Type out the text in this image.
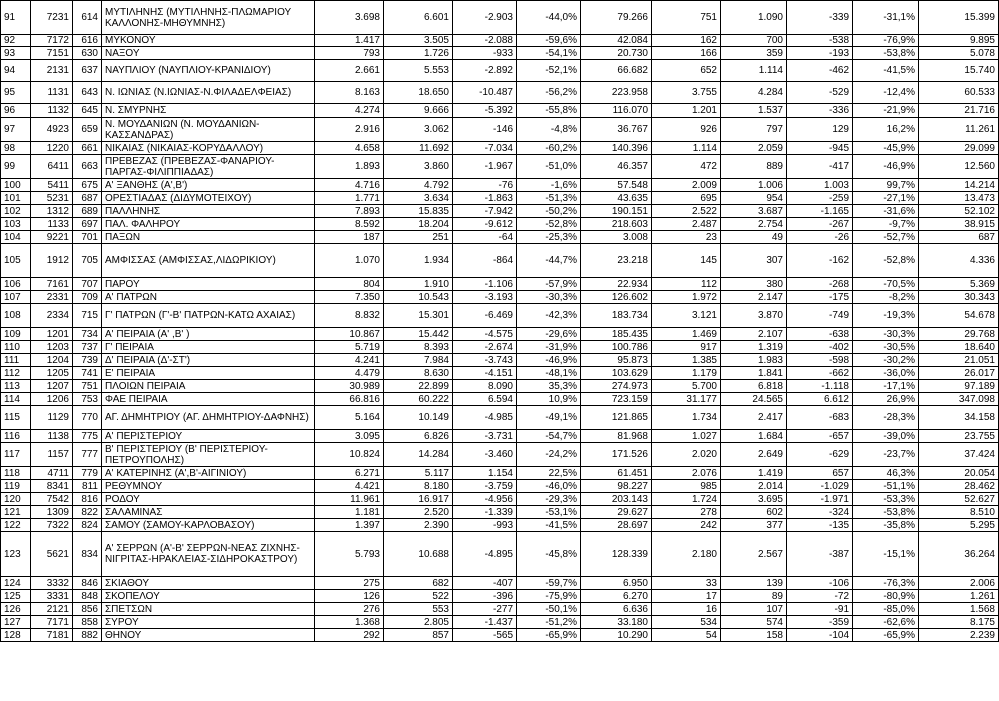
91	7231	614	ΜΥΤΙΛΗΝΗΣ (ΜΥΤΙΛΗΝΗΣ-ΠΛΩΜΑΡΙΟΥ ΚΑΛΛΟΝΗΣ-ΜΗΘΥΜΝΗΣ)	3.698	6.601	-2.903	-44,0%	79.266	751	1.090	-339	-31,1%	15.399
92	7172	616	ΜΥΚΟΝΟΥ	1.417	3.505	-2.088	-59,6%	42.084	162	700	-538	-76,9%	9.895
93	7151	630	ΝΑΞΟΥ	793	1.726	-933	-54,1%	20.730	166	359	-193	-53,8%	5.078
94	2131	637	ΝΑΥΠΛΙΟΥ (ΝΑΥΠΛΙΟΥ-ΚΡΑΝΙΔΙΟΥ)	2.661	5.553	-2.892	-52,1%	66.682	652	1.114	-462	-41,5%	15.740
95	1131	643	Ν. ΙΩΝΙΑΣ (Ν.ΙΩΝΙΑΣ-Ν.ΦΙΛΑΔΕΛΦΕΙΑΣ)	8.163	18.650	-10.487	-56,2%	223.958	3.755	4.284	-529	-12,4%	60.533
96	1132	645	Ν. ΣΜΥΡΝΗΣ	4.274	9.666	-5.392	-55,8%	116.070	1.201	1.537	-336	-21,9%	21.716
97	4923	659	Ν. ΜΟΥΔΑΝΙΩΝ (Ν. ΜΟΥΔΑΝΙΩΝ-ΚΑΣΣΑΝΔΡΑΣ)	2.916	3.062	-146	-4,8%	36.767	926	797	129	16,2%	11.261
98	1220	661	ΝΙΚΑΙΑΣ (ΝΙΚΑΙΑΣ-ΚΟΡΥΔΑΛΛΟΥ)	4.658	11.692	-7.034	-60,2%	140.396	1.114	2.059	-945	-45,9%	29.099
99	6411	663	ΠΡΕΒΕΖΑΣ (ΠΡΕΒΕΖΑΣ-ΦΑΝΑΡΙΟΥ-ΠΑΡΓΑΣ-ΦΙΛΙΠΠΙΑΔΑΣ)	1.893	3.860	-1.967	-51,0%	46.357	472	889	-417	-46,9%	12.560
100	5411	675	Α' ΞΑΝΘΗΣ (Α',Β')	4.716	4.792	-76	-1,6%	57.548	2.009	1.006	1.003	99,7%	14.214
101	5231	687	ΟΡΕΣΤΙΑΔΑΣ (ΔΙΔΥΜΟΤΕΙΧΟΥ)	1.771	3.634	-1.863	-51,3%	43.635	695	954	-259	-27,1%	13.473
102	1312	689	ΠΑΛΛΗΝΗΣ	7.893	15.835	-7.942	-50,2%	190.151	2.522	3.687	-1.165	-31,6%	52.102
103	1133	697	ΠΑΛ. ΦΑΛΗΡΟΥ	8.592	18.204	-9.612	-52,8%	218.603	2.487	2.754	-267	-9,7%	38.915
104	9221	701	ΠΑΞΩΝ	187	251	-64	-25,3%	3.008	23	49	-26	-52,7%	687
105	1912	705	ΑΜΦΙΣΣΑΣ (ΑΜΦΙΣΣΑΣ,ΛΙΔΩΡΙΚΙΟΥ)	1.070	1.934	-864	-44,7%	23.218	145	307	-162	-52,8%	4.336
106	7161	707	ΠΑΡΟΥ	804	1.910	-1.106	-57,9%	22.934	112	380	-268	-70,5%	5.369
107	2331	709	Α' ΠΑΤΡΩΝ	7.350	10.543	-3.193	-30,3%	126.602	1.972	2.147	-175	-8,2%	30.343
108	2334	715	Γ' ΠΑΤΡΩΝ (Γ'-Β' ΠΑΤΡΩΝ-ΚΑΤΩ ΑΧΑΙΑΣ)	8.832	15.301	-6.469	-42,3%	183.734	3.121	3.870	-749	-19,3%	54.678
109	1201	734	Α' ΠΕΙΡΑΙΑ (Α' ,Β' )	10.867	15.442	-4.575	-29,6%	185.435	1.469	2.107	-638	-30,3%	29.768
110	1203	737	Γ' ΠΕΙΡΑΙΑ	5.719	8.393	-2.674	-31,9%	100.786	917	1.319	-402	-30,5%	18.640
111	1204	739	Δ' ΠΕΙΡΑΙΑ (Δ'-ΣΤ')	4.241	7.984	-3.743	-46,9%	95.873	1.385	1.983	-598	-30,2%	21.051
112	1205	741	Ε' ΠΕΙΡΑΙΑ	4.479	8.630	-4.151	-48,1%	103.629	1.179	1.841	-662	-36,0%	26.017
113	1207	751	ΠΛΟΙΩΝ ΠΕΙΡΑΙΑ	30.989	22.899	8.090	35,3%	274.973	5.700	6.818	-1.118	-17,1%	97.189
114	1206	753	ΦΑΕ ΠΕΙΡΑΙΑ	66.816	60.222	6.594	10,9%	723.159	31.177	24.565	6.612	26,9%	347.098
115	1129	770	ΑΓ. ΔΗΜΗΤΡΙΟΥ (ΑΓ. ΔΗΜΗΤΡΙΟΥ-ΔΑΦΝΗΣ)	5.164	10.149	-4.985	-49,1%	121.865	1.734	2.417	-683	-28,3%	34.158
116	1138	775	Α' ΠΕΡΙΣΤΕΡΙΟΥ	3.095	6.826	-3.731	-54,7%	81.968	1.027	1.684	-657	-39,0%	23.755
117	1157	777	Β' ΠΕΡΙΣΤΕΡΙΟΥ (Β' ΠΕΡΙΣΤΕΡΙΟΥ-ΠΕΤΡΟΥΠΟΛΗΣ)	10.824	14.284	-3.460	-24,2%	171.526	2.020	2.649	-629	-23,7%	37.424
118	4711	779	Α' ΚΑΤΕΡΙΝΗΣ (Α',Β'-ΑΙΓΙΝΙΟΥ)	6.271	5.117	1.154	22,5%	61.451	2.076	1.419	657	46,3%	20.054
119	8341	811	ΡΕΘΥΜΝΟΥ	4.421	8.180	-3.759	-46,0%	98.227	985	2.014	-1.029	-51,1%	28.462
120	7542	816	ΡΟΔΟΥ	11.961	16.917	-4.956	-29,3%	203.143	1.724	3.695	-1.971	-53,3%	52.627
121	1309	822	ΣΑΛΑΜΙΝΑΣ	1.181	2.520	-1.339	-53,1%	29.627	278	602	-324	-53,8%	8.510
122	7322	824	ΣΑΜΟΥ (ΣΑΜΟΥ-ΚΑΡΛΟΒΑΣΟΥ)	1.397	2.390	-993	-41,5%	28.697	242	377	-135	-35,8%	5.295
123	5621	834	Α' ΣΕΡΡΩΝ (Α'-Β' ΣΕΡΡΩΝ-ΝΕΑΣ ΖΙΧΝΗΣ-ΝΙΓΡΙΤΑΣ-ΗΡΑΚΛΕΙΑΣ-ΣΙΔΗΡΟΚΑΣΤΡΟΥ)	5.793	10.688	-4.895	-45,8%	128.339	2.180	2.567	-387	-15,1%	36.264
124	3332	846	ΣΚΙΑΘΟΥ	275	682	-407	-59,7%	6.950	33	139	-106	-76,3%	2.006
125	3331	848	ΣΚΟΠΕΛΟΥ	126	522	-396	-75,9%	6.270	17	89	-72	-80,9%	1.261
126	2121	856	ΣΠΕΤΣΩΝ	276	553	-277	-50,1%	6.636	16	107	-91	-85,0%	1.568
127	7171	858	ΣΥΡΟΥ	1.368	2.805	-1.437	-51,2%	33.180	534	574	-359	-62,6%	8.175
128	7181	882	ΘΗΝΟΥ	292	857	-565	-65,9%	10.290	54	158	-104	-65,9%	2.239
